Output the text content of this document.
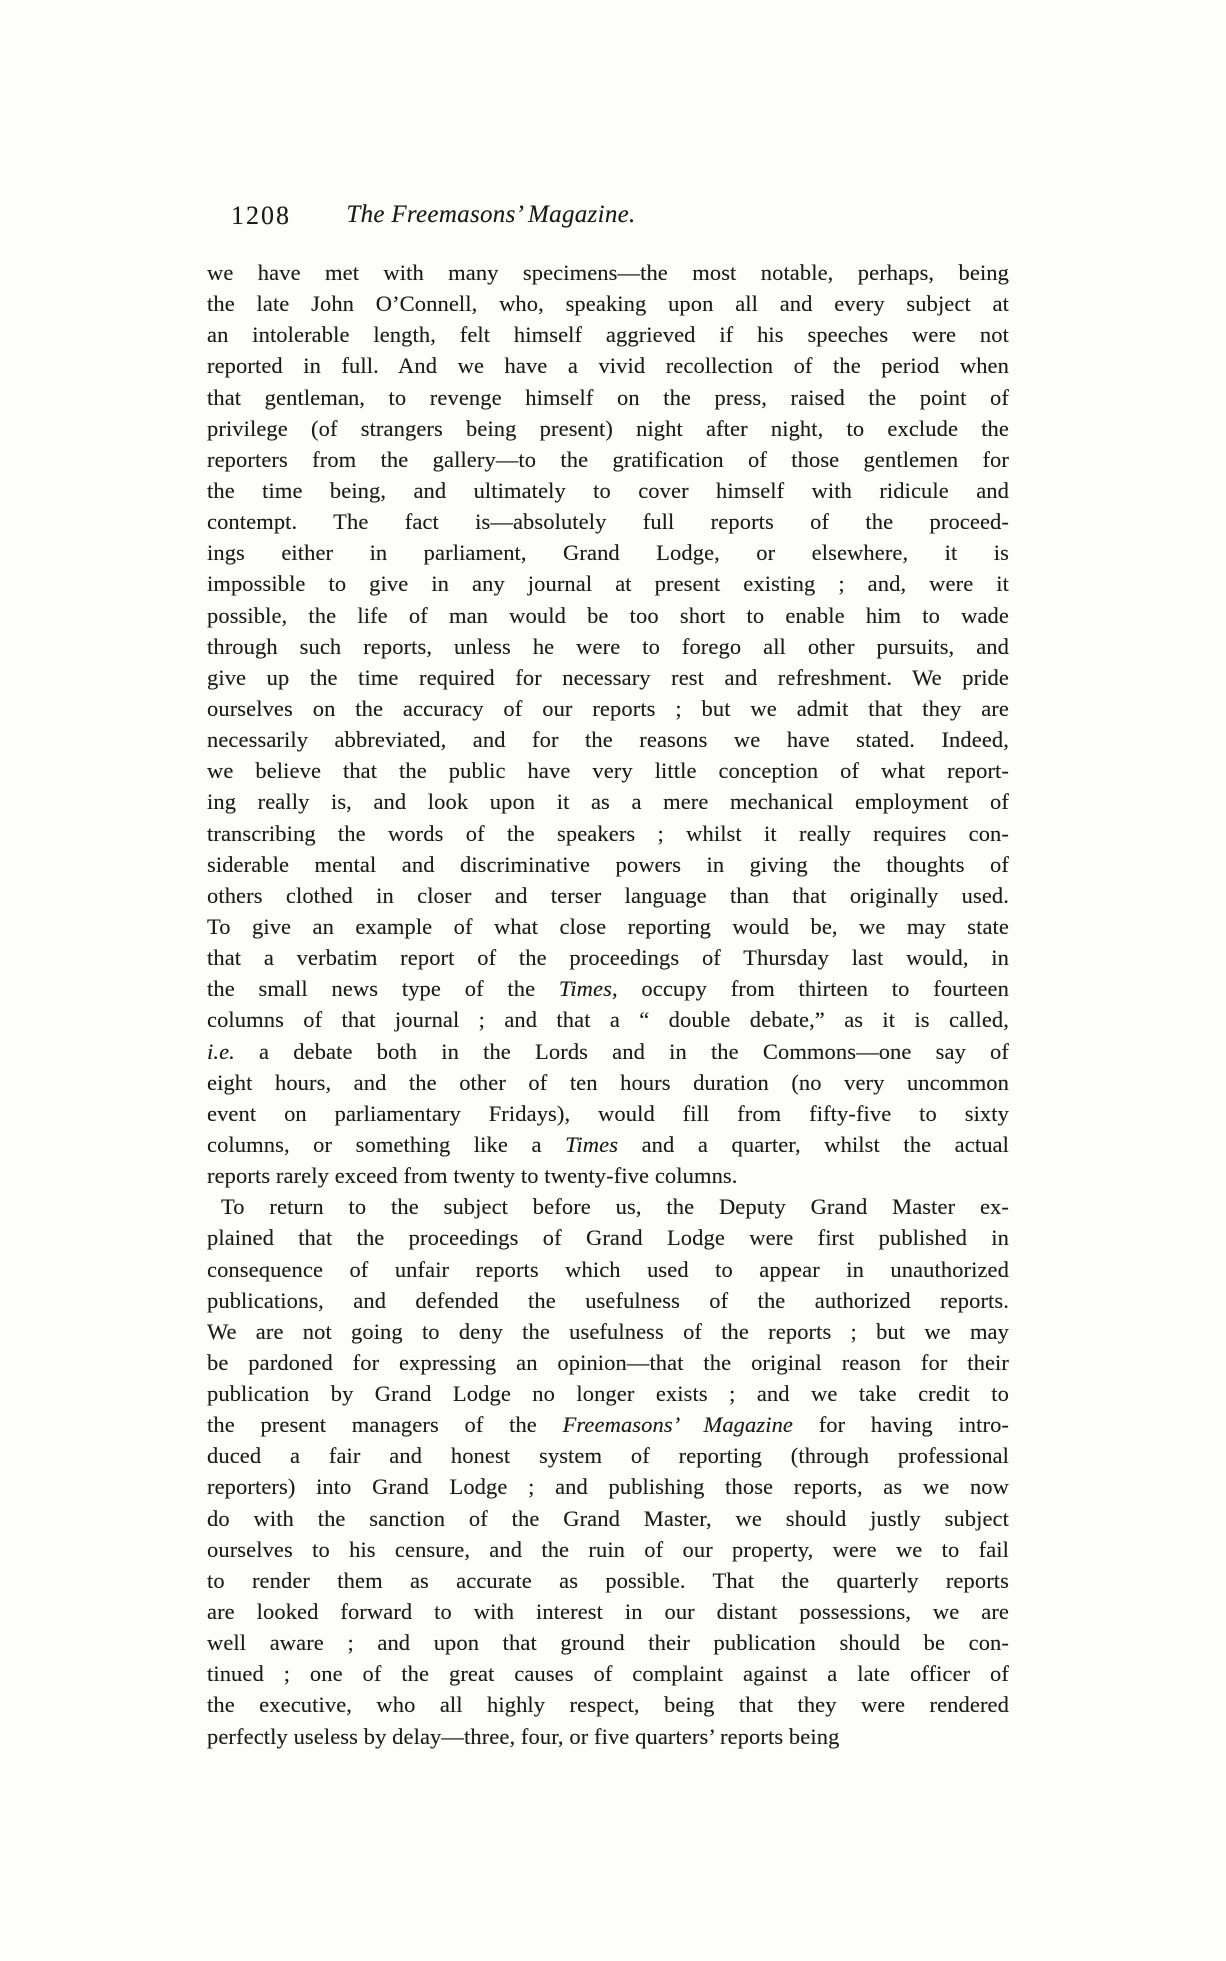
1208 The Freemasons’ Magazine.
we have met with many specimens—the most notable, perhaps, being
the late John O’Connell, who, speaking upon all and every subject at
an intolerable length, felt himself aggrieved if his speeches were not
reported in full. And we have a vivid recollection of the period when
that gentleman, to revenge himself on the press, raised the point of
privilege (of strangers being present) night after night, to exclude the
reporters from the gallery—to the gratification of those gentlemen for
the time being, and ultimately to cover himself with ridicule and
contempt. The fact is—absolutely full reports of the proceed-
ings either in parliament, Grand Lodge, or elsewhere, it is
impossible to give in any journal at present existing ; and, were it
possible, the life of man would be too short to enable him to wade
through such reports, unless he were to forego all other pursuits, and
give up the time required for necessary rest and refreshment. We pride
ourselves on the accuracy of our reports ; but we admit that they are
necessarily abbreviated, and for the reasons we have stated. Indeed,
we believe that the public have very little conception of what report-
ing really is, and look upon it as a mere mechanical employment of
transcribing the words of the speakers ; whilst it really requires con-
siderable mental and discriminative powers in giving the thoughts of
others clothed in closer and terser language than that originally used.
To give an example of what close reporting would be, we may state
that a verbatim report of the proceedings of Thursday last would, in
the small news type of the Times, occupy from thirteen to fourteen
columns of that journal ; and that a “ double debate,” as it is called,
i.e. a debate both in the Lords and in the Commons—one say of
eight hours, and the other of ten hours duration (no very uncommon
event on parliamentary Fridays), would fill from fifty-five to sixty
columns, or something like a Times and a quarter, whilst the actual
reports rarely exceed from twenty to twenty-five columns.
To return to the subject before us, the Deputy Grand Master ex-
plained that the proceedings of Grand Lodge were first published in
consequence of unfair reports which used to appear in unauthorized
publications, and defended the usefulness of the authorized reports.
We are not going to deny the usefulness of the reports ; but we may
be pardoned for expressing an opinion—that the original reason for their
publication by Grand Lodge no longer exists ; and we take credit to
the present managers of the Freemasons’ Magazine for having intro-
duced a fair and honest system of reporting (through professional
reporters) into Grand Lodge ; and publishing those reports, as we now
do with the sanction of the Grand Master, we should justly subject
ourselves to his censure, and the ruin of our property, were we to fail
to render them as accurate as possible. That the quarterly reports
are looked forward to with interest in our distant possessions, we are
well aware ; and upon that ground their publication should be con-
tinued ; one of the great causes of complaint against a late officer of
the executive, who all highly respect, being that they were rendered
perfectly useless by delay—three, four, or five quarters’ reports being
